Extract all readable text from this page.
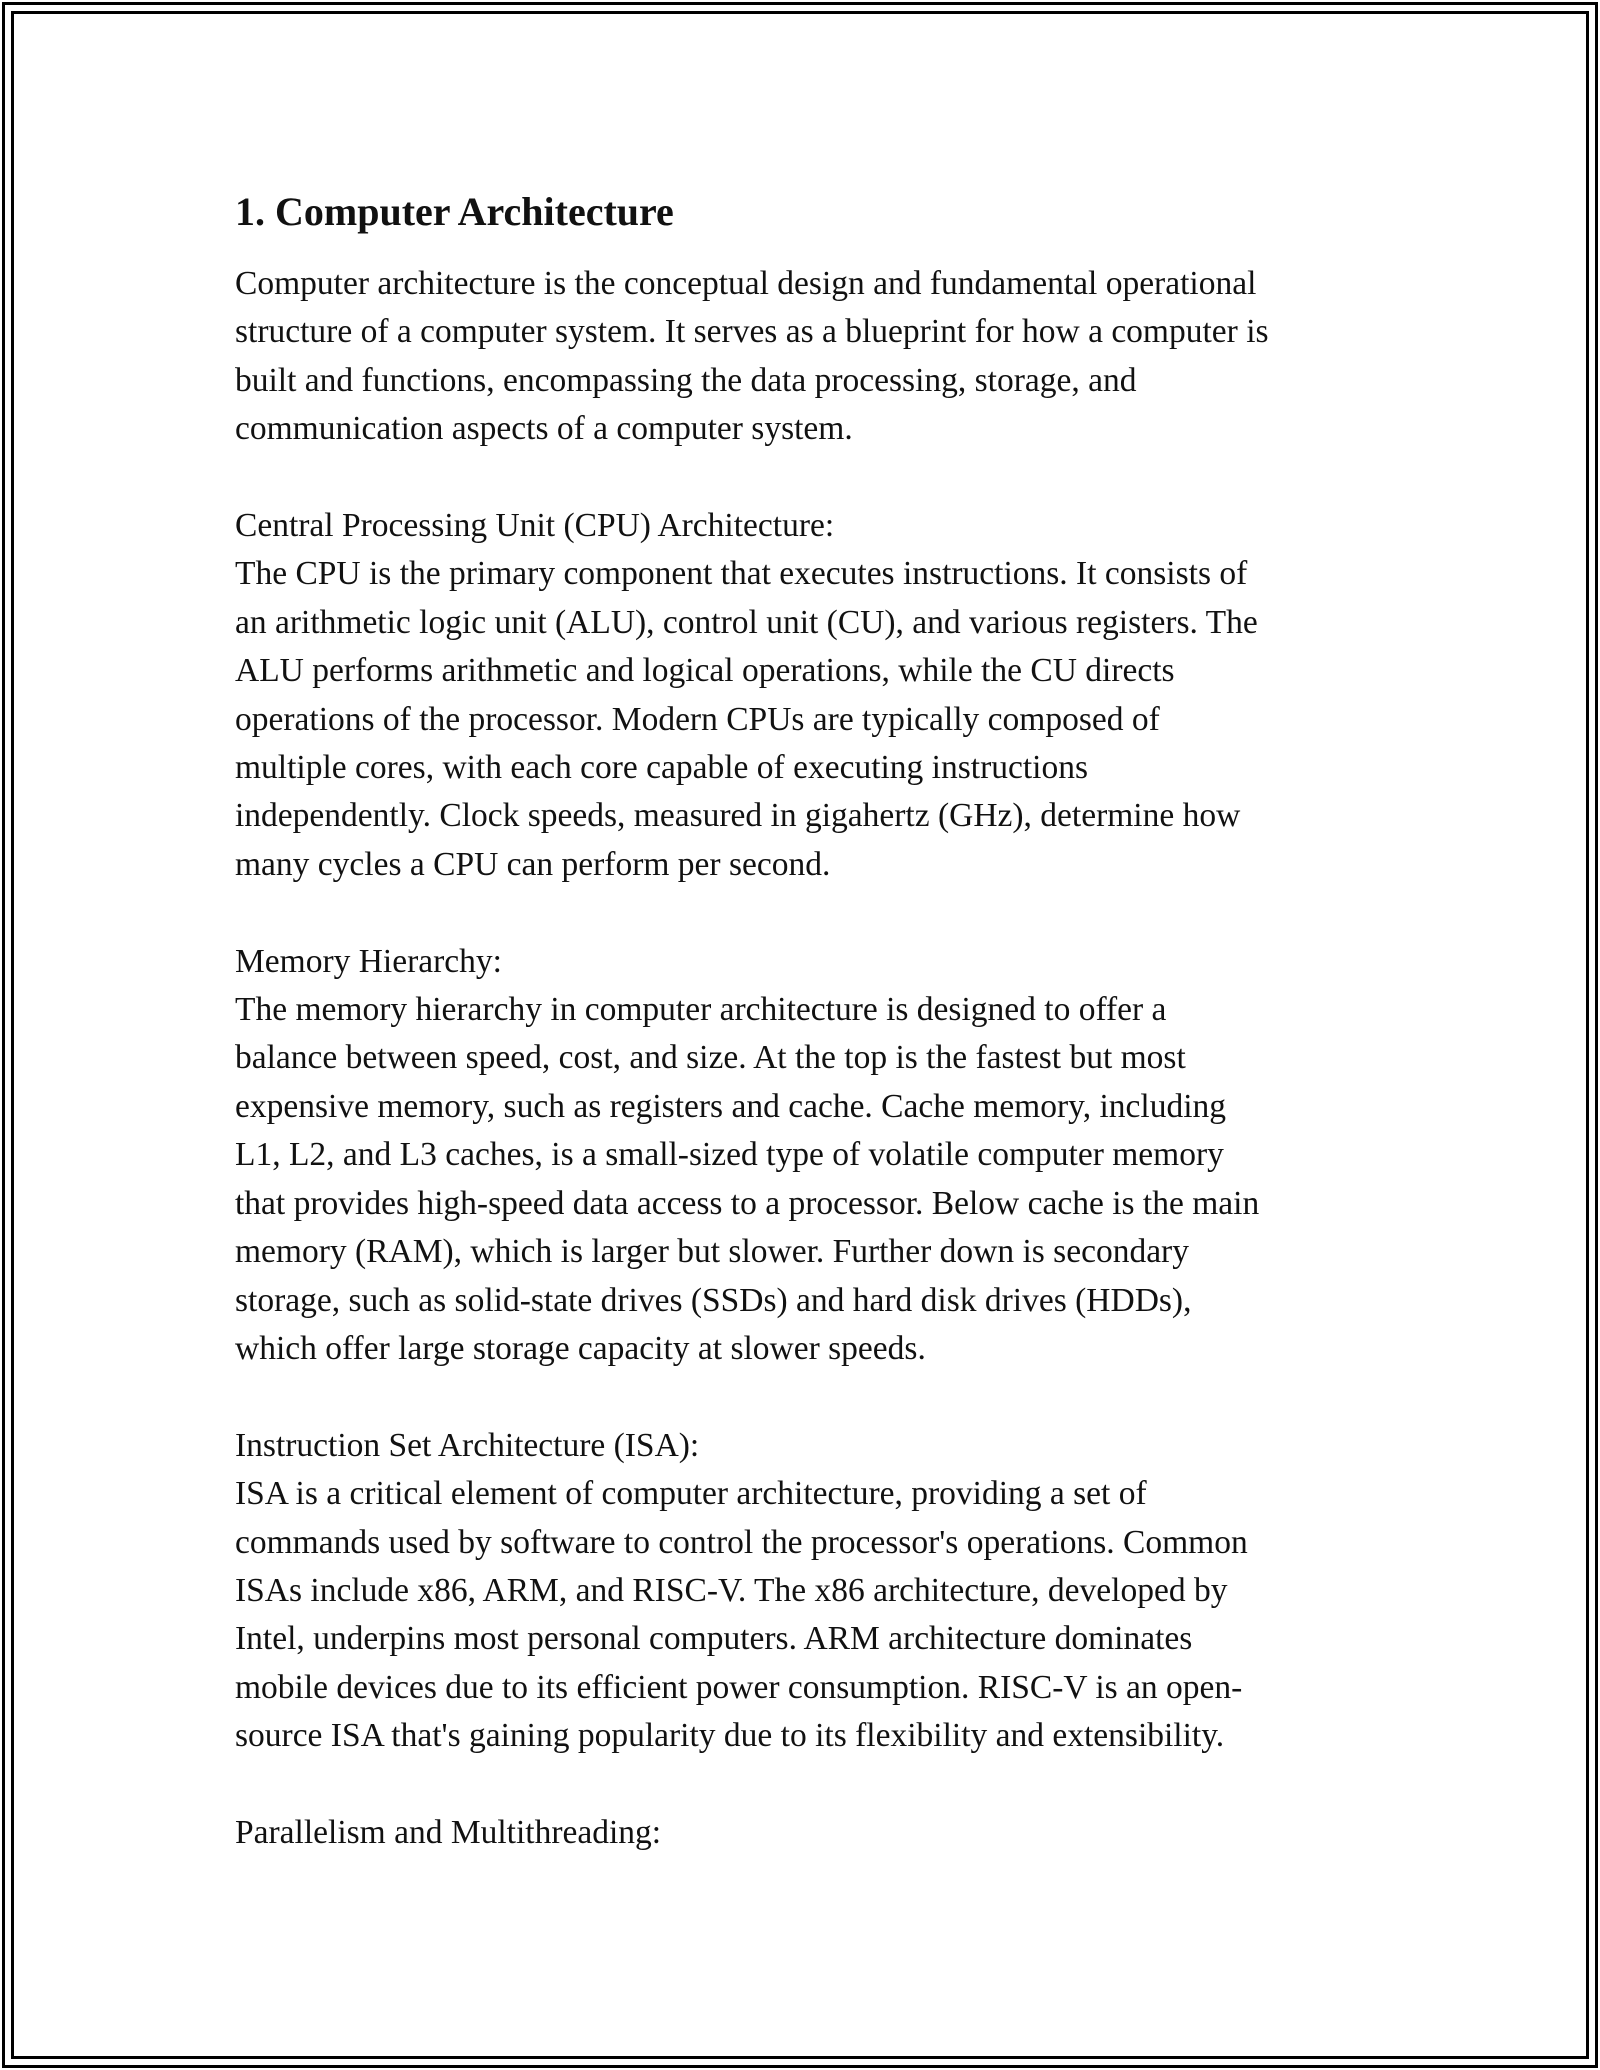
1. Computer Architecture
Computer architecture is the conceptual design and fundamental operational
structure of a computer system. It serves as a blueprint for how a computer is
built and functions, encompassing the data processing, storage, and
communication aspects of a computer system.
Central Processing Unit (CPU) Architecture:
The CPU is the primary component that executes instructions. It consists of
an arithmetic logic unit (ALU), control unit (CU), and various registers. The
ALU performs arithmetic and logical operations, while the CU directs
operations of the processor. Modern CPUs are typically composed of
multiple cores, with each core capable of executing instructions
independently. Clock speeds, measured in gigahertz (GHz), determine how
many cycles a CPU can perform per second.
Memory Hierarchy:
The memory hierarchy in computer architecture is designed to offer a
balance between speed, cost, and size. At the top is the fastest but most
expensive memory, such as registers and cache. Cache memory, including
L1, L2, and L3 caches, is a small-sized type of volatile computer memory
that provides high-speed data access to a processor. Below cache is the main
memory (RAM), which is larger but slower. Further down is secondary
storage, such as solid-state drives (SSDs) and hard disk drives (HDDs),
which offer large storage capacity at slower speeds.
Instruction Set Architecture (ISA):
ISA is a critical element of computer architecture, providing a set of
commands used by software to control the processor's operations. Common
ISAs include x86, ARM, and RISC-V. The x86 architecture, developed by
Intel, underpins most personal computers. ARM architecture dominates
mobile devices due to its efficient power consumption. RISC-V is an open-
source ISA that's gaining popularity due to its flexibility and extensibility.
Parallelism and Multithreading:
